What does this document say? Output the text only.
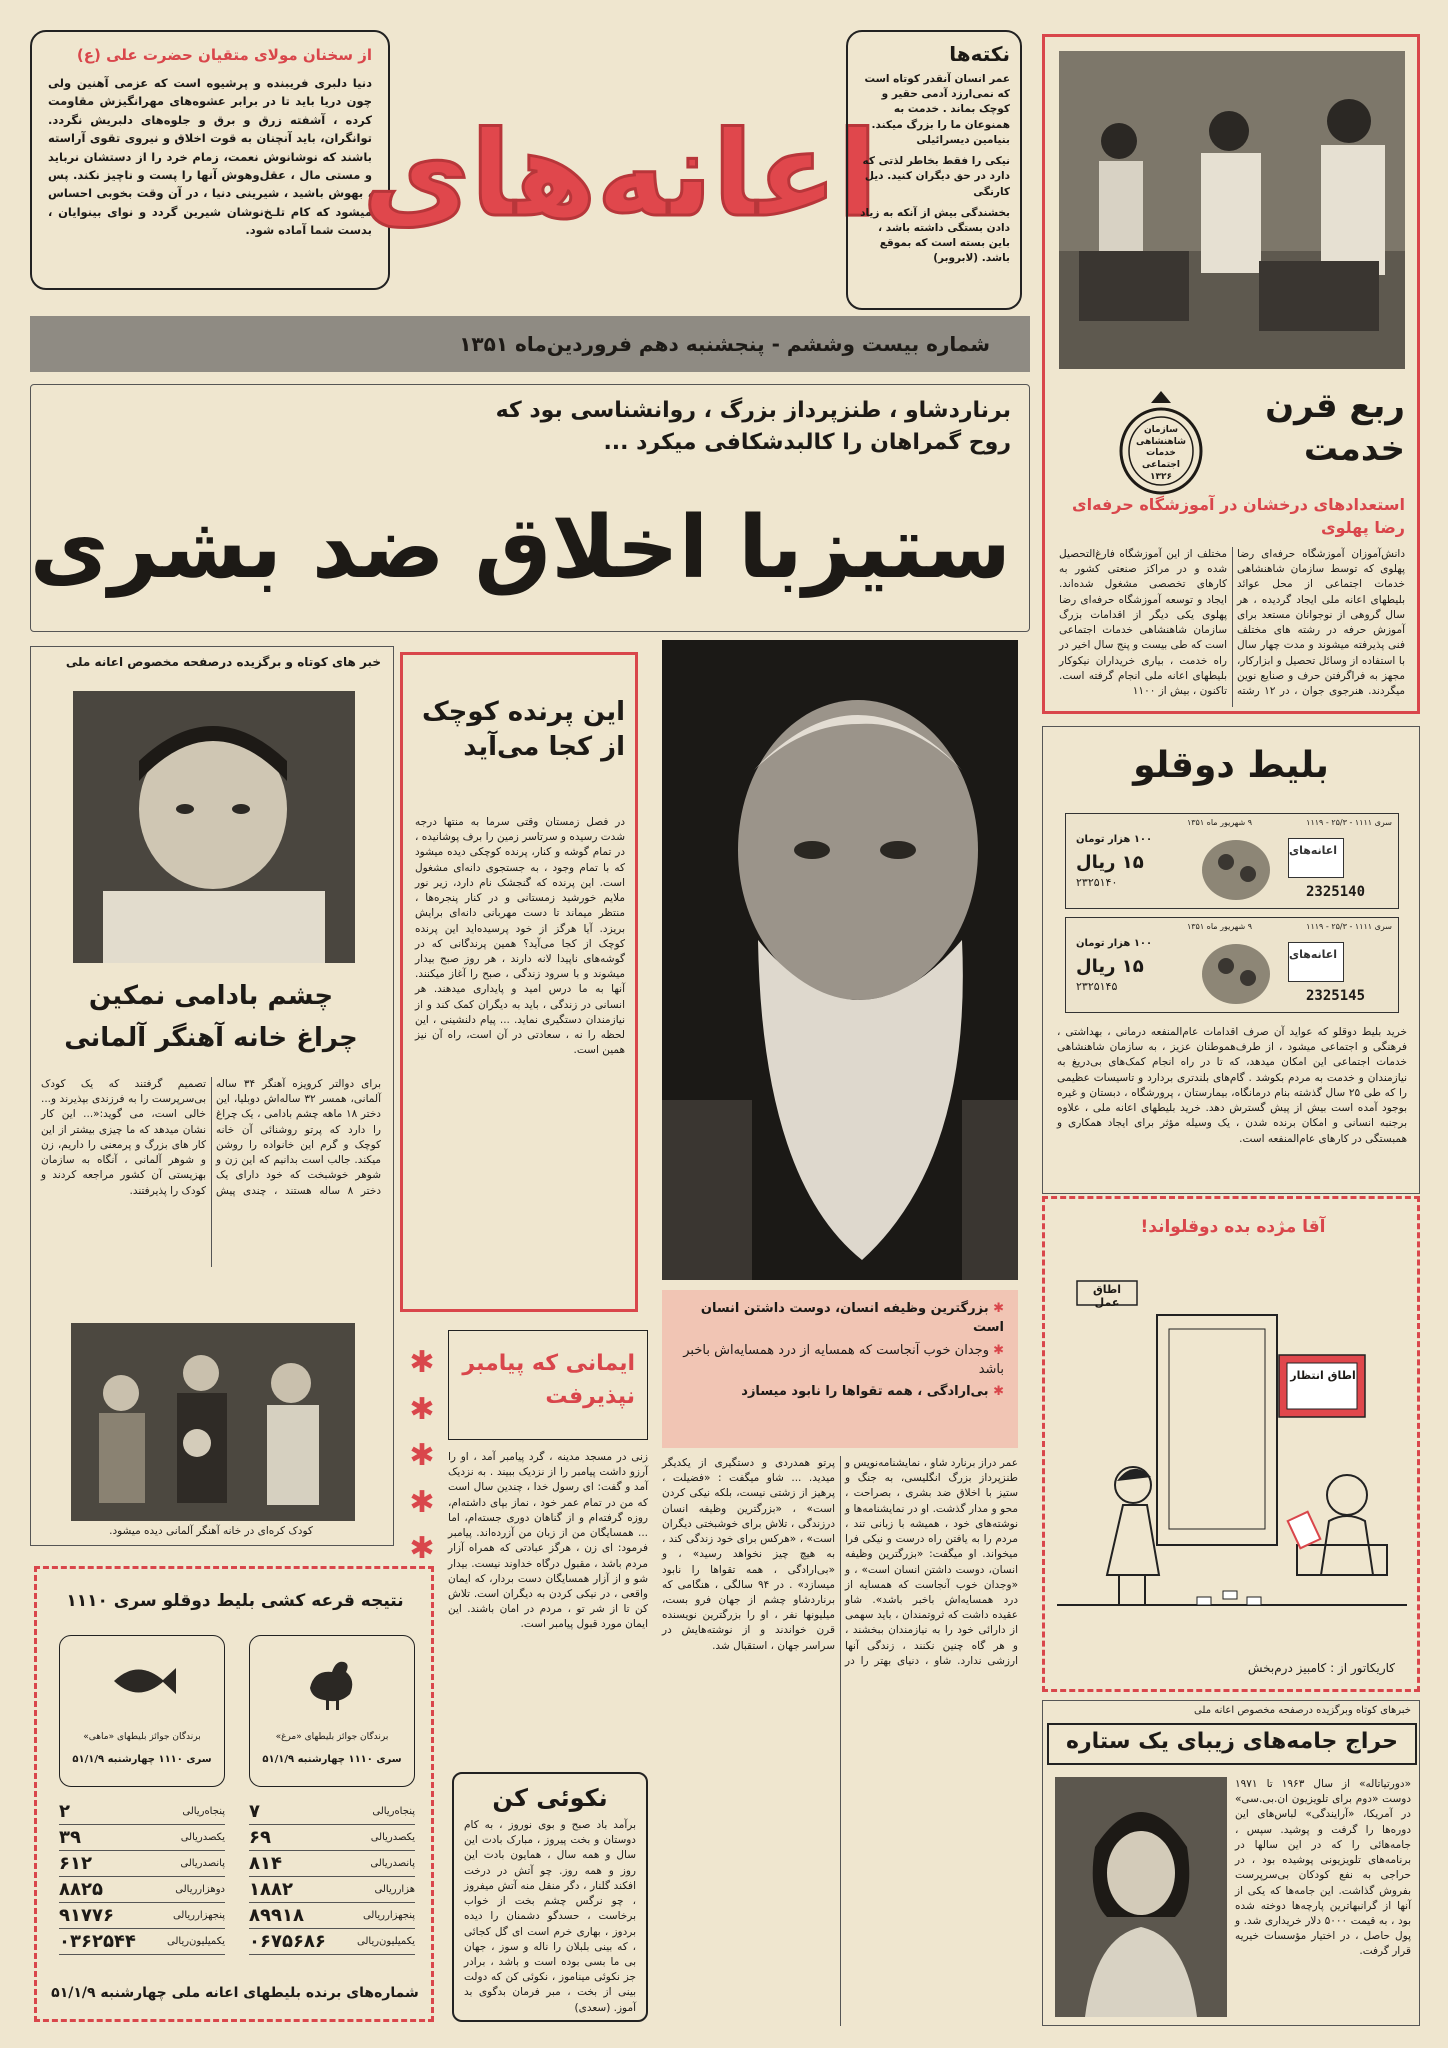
از سخنان مولای متقیان حضرت علی (ع)
دنیا دلبری فریبنده و پرشیوه است که عزمی آهنین ولی چون دریا باید تا در برابر عشوه‌های مهرانگیزش مقاومت کرده ، آشفته زرق و برق و جلوه‌های دلبریش نگردد. توانگران، باید آنچنان به قوت اخلاق و نیروی تقوی آراسته باشند که نوشانوش نعمت، زمام خرد را از دستشان نرباید و مستی مال ، عقل‌وهوش آنها را پست و ناچیز نکند. پس ، بهوش باشید ، شیرینی دنیا ، در آن وقت بخوبی احساس میشود که کام تلـخ‌نوشان شیرین گردد و نوای بینوایان ، بدست شما آماده شود.
اعانه‌های
نکته‌ها
عمر انسان آنقدر کوتاه است که نمی‌ارزد آدمی حقیر و کوچک بماند . خدمت به همنوعان ما را بزرگ میکند. بنیامین دیسرائیلی
نیکی را فقط بخاطر لذتی که دارد در حق دیگران کنید. دیل کارنگی
بخشندگی بیش از آنکه به زیاد دادن بستگی داشته باشد ، باین بسته است که بموقع باشد. (لابروبر)
شماره بیست وششم - پنجشنبه دهم فروردین‌ماه ۱۳۵۱
ربع قرن خدمت
سازمان شاهنشاهی خدمات اجتماعی ۱۳۲۶
استعدادهای درخشان در آموزشگاه حرفه‌ای رضا پهلوی
دانش‌آموزان آموزشگاه حرفه‌ای رضا پهلوی که توسط سازمان شاهنشاهی خدمات اجتماعی از محل عوائد بلیطهای اعانه ملی ایجاد گردیده ، هر سال گروهی از نوجوانان مستعد برای آموزش حرفه در رشته های مختلف فنی پذیرفته میشوند و مدت چهار سال با استفاده از وسائل تحصیل و ابزارکار، مجهز به فراگرفتن حرف و صنایع نوین میگردند. هنرجوی جوان ، در ۱۲ رشته مختلف از این آموزشگاه فارغ‌التحصیل شده و در مراکز صنعتی کشور به کارهای تخصصی مشغول شده‌اند. ایجاد و توسعه آموزشگاه حرفه‌ای رضا پهلوی یکی دیگر از اقدامات بزرگ سازمان شاهنشاهی خدمات اجتماعی است که طی بیست و پنج سال اخیر در راه خدمت ، بیاری خریداران نیکوکار بلیطهای اعانه ملی انجام گرفته است. تاکنون ، بیش از ۱۱۰۰
برناردشاو ، طنزپرداز بزرگ ، روانشناسی بود که روح گمراهان را کالبدشکافی میکرد ...
ستیزبا اخلاق ضد بشری
خبر های کوتاه و برگزیده درصفحه مخصوص اعانه ملی
چشم بادامی نمکین
چراغ خانه آهنگر آلمانی
برای دوالتر کرویزه آهنگر ۳۴ ساله آلمانی، همسر ۳۲ ساله‌اش دوبلیا، این دختر ۱۸ ماهه چشم بادامی ، یک چراغ را دارد که پرتو روشنائی آن خانه کوچک و گرم این خانواده را روشن میکند. جالب است بدانیم که این زن و شوهر خوشبخت که خود دارای یک دختر ۸ ساله هستند ، چندی پیش تصمیم گرفتند که یک کودک بی‌سرپرست را به فرزندی بپذیرند و... خالی است، می گوید:«... این کار نشان میدهد که ما چیزی بیشتر از این کار های بزرگ و پرمعنی را داریم، زن و شوهر آلمانی ، آنگاه به سازمان بهزیستی آن کشور مراجعه کردند و کودک را پذیرفتند.
کودک کره‌ای در خانه آهنگر آلمانی دیده میشود.
این پرنده کوچک از کجا می‌آید
در فصل زمستان وقتی سرما به منتها درجه شدت رسیده و سرتاسر زمین را برف پوشانیده ، در تمام گوشه و کنار، پرنده کوچکی دیده میشود که با تمام وجود ، به جستجوی دانه‌ای مشغول است. این پرنده که گنجشک نام دارد، زیر نور ملایم خورشید زمستانی و در کنار پنجره‌ها ، منتظر میماند تا دست مهربانی دانه‌ای برایش بریزد. آیا هرگز از خود پرسیده‌اید این پرنده کوچک از کجا می‌آید؟ همین پرندگانی که در گوشه‌های ناپیدا لانه دارند ، هر روز صبح بیدار میشوند و با سرود زندگی ، صبح را آغاز میکنند. آنها به ما درس امید و پایداری میدهند. هر انسانی در زندگی ، باید به دیگران کمک کند و از نیازمندان دستگیری نماید. ... پیام دلنشینی ، این لحظه را نه ، سعادتی در آن است، راه آن نیز همین است.
✱ بزرگترین وظیفه انسان، دوست داشتن انسان است
✱ وجدان خوب آنجاست که همسایه از درد همسایه‌اش باخبر باشد
✱ بی‌ارادگی ، همه تقواها را نابود میسازد
ایمانی که پیامبر نپذیرفت
زنی در مسجد مدینه ، گرد پیامبر آمد ، او را آرزو داشت پیامبر را از نزدیک ببیند . به نزدیک آمد و گفت: ای رسول خدا ، چندین سال است که من در تمام عمر خود ، نماز بپای داشته‌ام، روزه گرفته‌ام و از گناهان دوری جسته‌ام، اما ... همسایگان من از زبان من آزرده‌اند. پیامبر فرمود: ای زن ، هرگز عبادتی که همراه آزار مردم باشد ، مقبول درگاه خداوند نیست. بیدار شو و از آزار همسایگان دست بردار، که ایمان واقعی ، در نیکی کردن به دیگران است. تلاش کن تا از شر تو ، مردم در امان باشند. این ایمان مورد قبول پیامبر است.
✱
✱
✱
✱
✱
عمر دراز برنارد شاو ، نمایشنامه‌نویس و طنزپرداز بزرگ انگلیسی، به جنگ و ستیز با اخلاق ضد بشری ، بصراحت ، محو و مدار گذشت. او در نمایشنامه‌ها و نوشته‌های خود ، همیشه با زبانی تند ، مردم را به یافتن راه درست و نیکی فرا میخواند. او میگفت: «بزرگترین وظیفه انسان، دوست داشتن انسان است» ، و «وجدان خوب آنجاست که همسایه از درد همسایه‌اش باخبر باشد». شاو عقیده داشت که ثروتمندان ، باید سهمی از دارائی خود را به نیازمندان ببخشند ، و هر گاه چنین نکنند ، زندگی آنها ارزشی ندارد. شاو ، دنیای بهتر را در پرتو همدردی و دستگیری از یکدیگر میدید. ... شاو میگفت : «فضیلت ، پرهیز از زشتی نیست، بلکه نیکی کردن است» ، «بزرگترین وظیفه انسان درزندگی ، تلاش برای خوشبختی دیگران است» ، «هرکس برای خود زندگی کند ، به هیچ چیز نخواهد رسید» ، و «بی‌ارادگی ، همه تقواها را نابود میسازد» . در ۹۴ سالگی ، هنگامی که برناردشاو چشم از جهان فرو بست، میلیونها نفر ، او را بزرگترین نویسنده قرن خواندند و از نوشته‌هایش در سراسر جهان ، استقبال شد.
نکوئی کن
برآمد باد صبح و بوی نوروز ، به کام دوستان و بخت پیروز ، مبارک بادت این سال و همه سال ، همایون بادت این روز و همه روز. چو آتش در درخت افکند گلنار ، دگر منقل منه آتش میفروز ، چو نرگس چشم بخت از خواب برخاست ، حسدگو دشمنان را دیده بردوز ، بهاری خرم است ای گل کجائی ، که بینی بلبلان را ناله و سوز ، جهان بی ما بسی بوده است و باشد ، برادر جز نکوئی میناموز ، نکوئی کن که دولت بینی از بخت ، مبر فرمان بدگوی بد آموز. (سعدی)
نتیجه قرعه کشی بلیط دوقلو سری ۱۱۱۰
برندگان جوائز بلیطهای «مرغ»
سری ۱۱۱۰ چهارشنبه ۵۱/۱/۹
برندگان جوائز بلیطهای «ماهی»
سری ۱۱۱۰ چهارشنبه ۵۱/۱/۹
پنجاه‌ریالی
۷
یکصدریالی
۶۹
پانصدریالی
۸۱۴
هزارریالی
۱۸۸۲
پنجهزارریالی
۸۹۹۱۸
یکمیلیون‌ریالی
۰۶۷۵۶۸۶
پنجاه‌ریالی
۲
یکصدریالی
۳۹
پانصدریالی
۶۱۲
دوهزارریالی
۸۸۲۵
پنجهزارریالی
۹۱۷۷۶
یکمیلیون‌ریالی
۰۳۶۲۵۴۴
شماره‌های برنده بلیطهای اعانه ملی چهارشنبه ۵۱/۱/۹
بلیط دوقلو
سری ۱۱۱۱ - ۲۵/۳ - ۱۱۱۹
۹ شهریور ماه ۱۳۵۱
اعانه‌های
۱۰۰ هزار تومان
۱۵ ریال
۲۳۲۵۱۴۰
2325140
سری ۱۱۱۱ - ۲۵/۳ - ۱۱۱۹
۹ شهریور ماه ۱۳۵۱
اعانه‌های
۱۰۰ هزار تومان
۱۵ ریال
۲۳۲۵۱۴۵
2325145
خرید بلیط دوقلو که عواید آن صرف اقدامات عام‌المنفعه درمانی ، بهداشتی ، فرهنگی و اجتماعی میشود ، از طرف‌هموطنان عزیز ، به سازمان شاهنشاهی خدمات اجتماعی این امکان میدهد، که تا در راه انجام کمک‌های بی‌دریغ به نیازمندان و خدمت به مردم بکوشد . گام‌های بلندتری بردارد و تاسیسات عظیمی را که طی ۲۵ سال گذشته بنام درمانگاه، بیمارستان ، پرورشگاه ، دبستان و غیره بوجود آمده است بیش از پیش گسترش دهد. خرید بلیطهای اعانه ملی ، علاوه برجنبه انسانی و امکان برنده شدن ، یک وسیله مؤثر برای ایجاد همکاری و همبستگی در کارهای عام‌المنفعه است.
آقا مژده بده دوقلواند!
اطاق عمل
اطاق انتظار
کاریکاتور از : کامبیز درم‌بخش
خبرهای کوتاه وبرگزیده درصفحه مخصوص اعانه ملی
حراج جامه‌های زیبای یک ستاره
«دورتیاتاله» از سال ۱۹۶۳ تا ۱۹۷۱ دوست «دوم برای تلویزیون ان.بی.سی» در آمریکا، «آرایندگی» لباس‌های این دوره‌ها را گرفت و پوشید. سپس ، جامه‌هائی را که در این سالها در برنامه‌های تلویزیونی پوشیده بود ، در حراجی به نفع کودکان بی‌سرپرست بفروش گذاشت. این جامه‌ها که یکی از آنها از گرانبهاترین پارچه‌ها دوخته شده بود ، به قیمت ۵۰۰۰ دلار خریداری شد. و پول حاصل ، در اختیار مؤسسات خیریه قرار گرفت.
